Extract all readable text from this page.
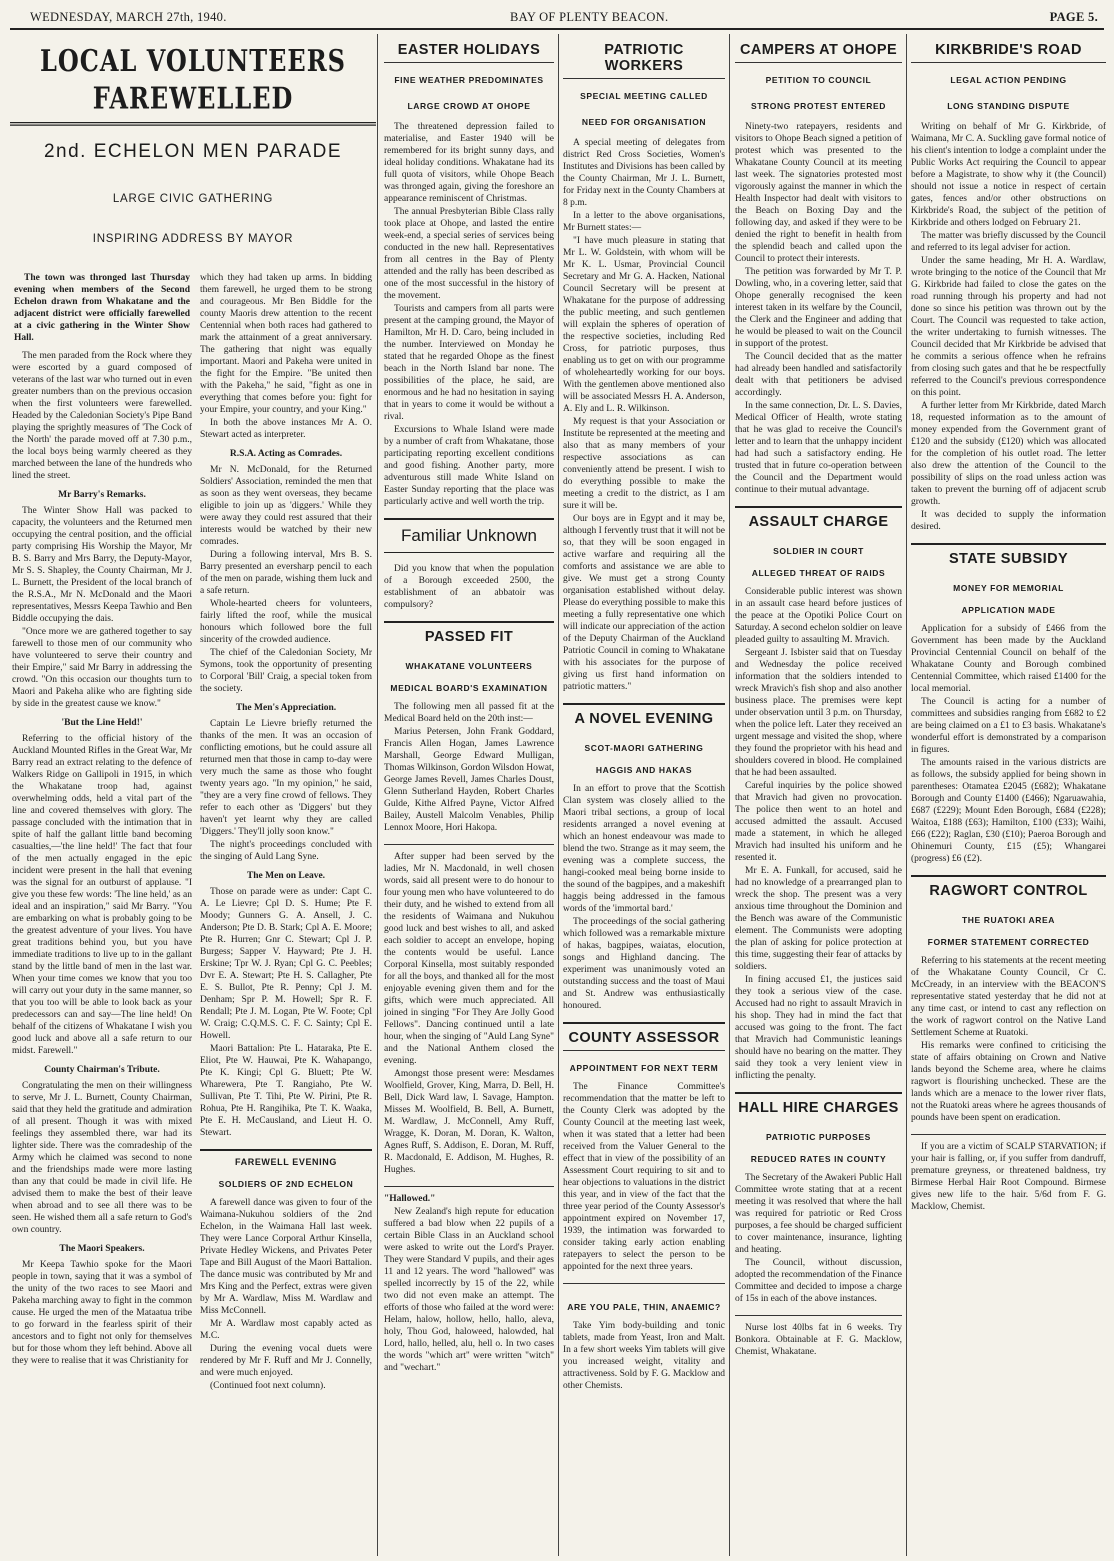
WEDNESDAY, MARCH 27th, 1940.	BAY OF PLENTY BEACON.	PAGE 5.
LOCAL VOLUNTEERS FAREWELLED
2nd. ECHELON MEN PARADE
LARGE CIVIC GATHERING
INSPIRING ADDRESS BY MAYOR
The town was thronged last Thursday evening when members of the Second Echelon drawn from Whakatane and the adjacent district were officially farewelled at a civic gathering in the Winter Show Hall.

The men paraded from the Rock where they were escorted by a guard composed of veterans of the last war who turned out in even greater numbers than on the previous occasion when the first volunteers were farewelled. Headed by the Caledonian Society's Pipe Band playing the sprightly measures of 'The Cock of the North' the parade moved off at 7.30 p.m., the local boys being warmly cheered as they marched between the lane of the hundreds who lined the street.

Mr Barry's Remarks.

The Winter Show Hall was packed to capacity, the volunteers and the Returned men occupying the central position, and the official party comprising His Worship the Mayor, Mr B. S. Barry and Mrs Barry, the Deputy-Mayor, Mr S. S. Shapley, the County Chairman, Mr J. L. Burnett, the President of the local branch of the R.S.A., Mr N. McDonald and the Maori representatives, Messrs Keepa Tawhio and Ben Biddle occupying the dais.

"Once more we are gathered together to say farewell to those men of our community who have volunteered to serve their country and their Empire," said Mr Barry in addressing the crowd. "On this occasion our thoughts turn to Maori and Pakeha alike who are fighting side by side in the greatest cause we know."

'But the Line Held!'

Referring to the official history of the Auckland Mounted Rifles in the Great War, Mr Barry read an extract relating to the defence of Walkers Ridge on Gallipoli in 1915, in which the Whakatane troop had, against overwhelming odds, held a vital part of the line and covered themselves with glory. The passage concluded with the intimation that in spite of half the gallant little band becoming casualties,—'the line held!' The fact that four of the men actually engaged in the epic incident were present in the hall that evening was the signal for an outburst of applause. "I give you these few words: 'The line held,' as an ideal and an inspiration," said Mr Barry. "You are embarking on what is probably going to be the greatest adventure of your lives. You have great traditions behind you, but you have immediate traditions to live up to in the gallant stand by the little band of men in the last war. When your time comes we know that you too will carry out your duty in the same manner, so that you too will be able to look back as your predecessors can and say—The line held! On behalf of the citizens of Whakatane I wish you good luck and above all a safe return to our midst. Farewell."

County Chairman's Tribute.

Congratulating the men on their willingness to serve, Mr J. L. Burnett, County Chairman, said that they held the gratitude and admiration of all present. Though it was with mixed feelings they assembled there, war had its lighter side. There was the comradeship of the Army which he claimed was second to none and the friendships made were more lasting than any that could be made in civil life. He advised them to make the best of their leave when abroad and to see all there was to be seen. He wished them all a safe return to God's own country.

The Maori Speakers.

Mr Keepa Tawhio spoke for the Maori people in town, saying that it was a symbol of the unity of the two races to see Maori and Pakeha marching away to fight in the common cause. He urged the men of the Mataatua tribe to go forward in the fearless spirit of their ancestors and to fight not only for themselves but for those whom they left behind. Above all they were to realise that it was Christianity for

which they had taken up arms. In bidding them farewell, he urged them to be strong and courageous. Mr Ben Biddle for the county Maoris drew attention to the recent Centennial when both races had gathered to mark the attainment of a great anniversary. The gathering that night was equally important. Maori and Pakeha were united in the fight for the Empire. "Be united then with the Pakeha," he said, "fight as one in everything that comes before you: fight for your Empire, your country, and your King."

In both the above instances Mr A. O. Stewart acted as interpreter.

R.S.A. Acting as Comrades.

Mr N. McDonald, for the Returned Soldiers' Association, reminded the men that as soon as they went overseas, they became eligible to join up as 'diggers.' While they were away they could rest assured that their interests would be watched by their new comrades.

During a following interval, Mrs B. S. Barry presented an eversharp pencil to each of the men on parade, wishing them luck and a safe return.

Whole-hearted cheers for volunteers, fairly lifted the roof, while the musical honours which followed bore the full sincerity of the crowded audience.

The chief of the Caledonian Society, Mr Symons, took the opportunity of presenting to Corporal 'Bill' Craig, a special token from the society.

The Men's Appreciation.

Captain Le Lievre briefly returned the thanks of the men. It was an occasion of conflicting emotions, but he could assure all returned men that those in camp to-day were very much the same as those who fought twenty years ago. "In my opinion," he said, "they are a very fine crowd of fellows. They refer to each other as 'Diggers' but they haven't yet learnt why they are called 'Diggers.' They'll jolly soon know."

The night's proceedings concluded with the singing of Auld Lang Syne.

The Men on Leave.

Those on parade were as under: Capt C. A. Le Lievre; Cpl D. S. Hume; Pte F. Moody; Gunners G. A. Ansell, J. C. Anderson; Pte D. B. Stark; Cpl A. E. Moore; Pte R. Hurren; Gnr C. Stewart; Cpl J. P. Burgess; Sapper V. Hayward; Pte J. H. Erskine; Tpr W. J. Ryan; Cpl G. C. Peebles; Dvr E. A. Stewart; Pte H. S. Callagher, Pte E. S. Bullot, Pte R. Penny; Cpl J. M. Denham; Spr P. M. Howell; Spr R. F. Rendall; Pte J. M. Logan, Pte W. Foote; Cpl W. Craig; C.Q.M.S. C. F. C. Sainty; Cpl E. Howell.

Maori Battalion: Pte L. Hataraka, Pte E. Eliot, Pte W. Hauwai, Pte K. Wahapango, Pte K. Kingi; Cpl G. Bluett; Pte W. Wharewera, Pte T. Rangiaho, Pte W. Sullivan, Pte T. Tihi, Pte W. Pirini, Pte R. Rohua, Pte H. Rangihika, Pte T. K. Waaka, Pte E. H. McCausland, and Lieut H. O. Stewart.

FAREWELL EVENING
SOLDIERS OF 2ND ECHELON

A farewell dance was given to four of the Waimana-Nukuhou soldiers of the 2nd Echelon, in the Waimana Hall last week. They were Lance Corporal Arthur Kinsella, Private Hedley Wickens, and Privates Peter Tape and Bill August of the Maori Battalion. The dance music was contributed by Mr and Mrs King and the Perfect, extras were given by Mr A. Wardlaw, Miss M. Wardlaw and Miss McConnell.

Mr A. Wardlaw most capably acted as M.C.

During the evening vocal duets were rendered by Mr F. Ruff and Mr J. Connelly, and were much enjoyed.

(Continued foot next column).

EASTER HOLIDAYS
FINE WEATHER PREDOMINATES
LARGE CROWD AT OHOPE

The threatened depression failed to materialise, and Easter 1940 will be remembered for its bright sunny days, and ideal holiday conditions. Whakatane had its full quota of visitors, while Ohope Beach was thronged again, giving the foreshore an appearance reminiscent of Christmas.

The annual Presbyterian Bible Class rally took place at Ohope, and lasted the entire week-end, a special series of services being conducted in the new hall. Representatives from all centres in the Bay of Plenty attended and the rally has been described as one of the most successful in the history of the movement.

Tourists and campers from all parts were present at the camping ground, the Mayor of Hamilton, Mr H. D. Caro, being included in the number. Interviewed on Monday he stated that he regarded Ohope as the finest beach in the North Island bar none. The possibilities of the place, he said, are enormous and he had no hesitation in saying that in years to come it would be without a rival.

Excursions to Whale Island were made by a number of craft from Whakatane, those participating reporting excellent conditions and good fishing. Another party, more adventurous still made White Island on Easter Sunday reporting that the place was particularly active and well worth the trip.

Familiar Unknown

Did you know that when the population of a Borough exceeded 2500, the establishment of an abbatoir was compulsory?

PASSED FIT
WHAKATANE VOLUNTEERS
MEDICAL BOARD'S EXAMINATION

The following men all passed fit at the Medical Board held on the 20th inst:—

Marius Petersen, John Frank Goddard, Francis Allen Hogan, James Lawrence Marshall, George Edward Mulligan, Thomas Wilkinson, Gordon Wilsdon Howat, George James Revell, James Charles Doust, Glenn Sutherland Hayden, Robert Charles Gulde, Kithe Alfred Payne, Victor Alfred Bailey, Austell Malcolm Venables, Philip Lennox Moore, Hori Hakopa.

After supper had been served by the ladies, Mr N. Macdonald, in well chosen words, said all present were to do honour to four young men who have volunteered to do their duty, and he wished to extend from all the residents of Waimana and Nukuhou good luck and best wishes to all, and asked each soldier to accept an envelope, hoping the contents would be useful. Lance Corporal Kinsella, most suitably responded for all the boys, and thanked all for the most enjoyable evening given them and for the gifts, which were much appreciated. All joined in singing "For They Are Jolly Good Fellows". Dancing continued until a late hour, when the singing of "Auld Lang Syne" and the National Anthem closed the evening.

Amongst those present were: Mesdames Woolfield, Grover, King, Marra, D. Bell, H. Bell, Dick Ward law, I. Savage, Hampton. Misses M. Woolfield, B. Bell, A. Burnett, M. Wardlaw, J. McConnell, Amy Ruff, Wragge, K. Doran, M. Doran, K. Walton, Agnes Ruff, S. Addison, E. Doran, M. Ruff, R. Macdonald, E. Addison, M. Hughes, R. Hughes.

"Hallowed."

New Zealand's high repute for education suffered a bad blow when 22 pupils of a certain Bible Class in an Auckland school were asked to write out the Lord's Prayer. They were Standard V pupils, and their ages 11 and 12 years. The word "hallowed" was spelled incorrectly by 15 of the 22, while two did not even make an attempt. The efforts of those who failed at the word were: Helam, halow, hollow, hello, hallo, aleva, holy, Thou God, haloweed, halowded, hal Lord, hallo, helled, alu, hell o. In two cases the words "which art" were written "witch" and "wechart."

PATRIOTIC WORKERS
SPECIAL MEETING CALLED
NEED FOR ORGANISATION

A special meeting of delegates from district Red Cross Societies, Women's Institutes and Divisions has been called by the County Chairman, Mr J. L. Burnett, for Friday next in the County Chambers at 8 p.m.

In a letter to the above organisations, Mr Burnett states:—

"I have much pleasure in stating that Mr L. W. Goldstein, with whom will be Mr K. L. Usmar, Provincial Council Secretary and Mr G. A. Hacken, National Council Secretary will be present at Whakatane for the purpose of addressing the public meeting, and such gentlemen will explain the spheres of operation of the respective societies, including Red Cross, for patriotic purposes, thus enabling us to get on with our programme of wholeheartedly working for our boys. With the gentlemen above mentioned also will be associated Messrs H. A. Anderson, A. Ely and L. R. Wilkinson.

My request is that your Association or Institute be represented at the meeting and also that as many members of your respective associations as can conveniently attend be present. I wish to do everything possible to make the meeting a credit to the district, as I am sure it will be.

Our boys are in Egypt and it may be, although I fervently trust that it will not be so, that they will be soon engaged in active warfare and requiring all the comforts and assistance we are able to give. We must get a strong County organisation established without delay. Please do everything possible to make this meeting a fully representative one which will indicate our appreciation of the action of the Deputy Chairman of the Auckland Patriotic Council in coming to Whakatane with his associates for the purpose of giving us first hand information on patriotic matters."

A NOVEL EVENING
SCOT-MAORI GATHERING
HAGGIS AND HAKAS

In an effort to prove that the Scottish Clan system was closely allied to the Maori tribal sections, a group of local residents arranged a novel evening at which an honest endeavour was made to blend the two. Strange as it may seem, the evening was a complete success, the hangi-cooked meal being borne inside to the sound of the bagpipes, and a makeshift haggis being addressed in the famous words of the 'immortal bard.'

The proceedings of the social gathering which followed was a remarkable mixture of hakas, bagpipes, waiatas, elocution, songs and Highland dancing. The experiment was unanimously voted an outstanding success and the toast of Maui and St. Andrew was enthusiastically honoured.

COUNTY ASSESSOR
APPOINTMENT FOR NEXT TERM

The Finance Committee's recommendation that the matter be left to the County Clerk was adopted by the County Council at the meeting last week, when it was stated that a letter had been received from the Valuer General to the effect that in view of the possibility of an Assessment Court requiring to sit and to hear objections to valuations in the district this year, and in view of the fact that the three year period of the County Assessor's appointment expired on November 17, 1939, the intimation was forwarded to consider taking early action enabling ratepayers to select the person to be appointed for the next three years.

ARE YOU PALE, THIN, ANAEMIC?

Take Yim body-building and tonic tablets, made from Yeast, Iron and Malt. In a few short weeks Yim tablets will give you increased weight, vitality and attractiveness. Sold by F. G. Macklow and other Chemists.

CAMPERS AT OHOPE
PETITION TO COUNCIL
STRONG PROTEST ENTERED

Ninety-two ratepayers, residents and visitors to Ohope Beach signed a petition of protest which was presented to the Whakatane County Council at its meeting last week. The signatories protested most vigorously against the manner in which the Health Inspector had dealt with visitors to the Beach on Boxing Day and the following day, and asked if they were to be denied the right to benefit in health from the splendid beach and called upon the Council to protect their interests.

The petition was forwarded by Mr T. P. Dowling, who, in a covering letter, said that Ohope generally recognised the keen interest taken in its welfare by the Council, the Clerk and the Engineer and adding that he would be pleased to wait on the Council in support of the protest.

The Council decided that as the matter had already been handled and satisfactorily dealt with that petitioners be advised accordingly.

In the same connection, Dr. L. S. Davies, Medical Officer of Health, wrote stating that he was glad to receive the Council's letter and to learn that the unhappy incident had had such a satisfactory ending. He trusted that in future co-operation between the Council and the Department would continue to their mutual advantage.

ASSAULT CHARGE
SOLDIER IN COURT
ALLEGED THREAT OF RAIDS

Considerable public interest was shown in an assault case heard before justices of the peace at the Opotiki Police Court on Saturday. A second echelon soldier on leave pleaded guilty to assaulting M. Mravich.

Sergeant J. Isbister said that on Tuesday and Wednesday the police received information that the soldiers intended to wreck Mravich's fish shop and also another business place. The premises were kept under observation until 3 p.m. on Thursday, when the police left. Later they received an urgent message and visited the shop, where they found the proprietor with his head and shoulders covered in blood. He complained that he had been assaulted.

Careful inquiries by the police showed that Mravich had given no provocation. The police then went to an hotel and accused admitted the assault. Accused made a statement, in which he alleged Mravich had insulted his uniform and he resented it.

Mr E. A. Funkall, for accused, said he had no knowledge of a prearranged plan to wreck the shop. The present was a very anxious time throughout the Dominion and the Bench was aware of the Communistic element. The Communists were adopting the plan of asking for police protection at this time, suggesting their fear of attacks by soldiers.

In fining accused £1, the justices said they took a serious view of the case. Accused had no right to assault Mravich in his shop. They had in mind the fact that accused was going to the front. The fact that Mravich had Communistic leanings should have no bearing on the matter. They said they took a very lenient view in inflicting the penalty.

HALL HIRE CHARGES
PATRIOTIC PURPOSES
REDUCED RATES IN COUNTY

The Secretary of the Awakeri Public Hall Committee wrote stating that at a recent meeting it was resolved that where the hall was required for patriotic or Red Cross purposes, a fee should be charged sufficient to cover maintenance, insurance, lighting and heating.

The Council, without discussion, adopted the recommendation of the Finance Committee and decided to impose a charge of 15s in each of the above instances.

Nurse lost 40lbs fat in 6 weeks. Try Bonkora. Obtainable at F. G. Macklow, Chemist, Whakatane.

KIRKBRIDE'S ROAD
LEGAL ACTION PENDING
LONG STANDING DISPUTE

Writing on behalf of Mr G. Kirkbride, of Waimana, Mr C. A. Suckling gave formal notice of his client's intention to lodge a complaint under the Public Works Act requiring the Council to appear before a Magistrate, to show why it (the Council) should not issue a notice in respect of certain gates, fences and/or other obstructions on Kirkbride's Road, the subject of the petition of Kirkbride and others lodged on February 21.

The matter was briefly discussed by the Council and referred to its legal adviser for action.

Under the same heading, Mr H. A. Wardlaw, wrote bringing to the notice of the Council that Mr G. Kirkbride had failed to close the gates on the road running through his property and had not done so since his petition was thrown out by the Court. The Council was requested to take action, the writer undertaking to furnish witnesses. The Council decided that Mr Kirkbride be advised that he commits a serious offence when he refrains from closing such gates and that he be respectfully referred to the Council's previous correspondence on this point.

A further letter from Mr Kirkbride, dated March 18, requested information as to the amount of money expended from the Government grant of £120 and the subsidy (£120) which was allocated for the completion of his outlet road. The letter also drew the attention of the Council to the possibility of slips on the road unless action was taken to prevent the burning off of adjacent scrub growth.

It was decided to supply the information desired.

STATE SUBSIDY
MONEY FOR MEMORIAL
APPLICATION MADE

Application for a subsidy of £466 from the Government has been made by the Auckland Provincial Centennial Council on behalf of the Whakatane County and Borough combined Centennial Committee, which raised £1400 for the local memorial.

The Council is acting for a number of committees and subsidies ranging from £682 to £2 are being claimed on a £1 to £3 basis. Whakatane's wonderful effort is demonstrated by a comparison in figures.

The amounts raised in the various districts are as follows, the subsidy applied for being shown in parentheses: Otamatea £2045 (£682); Whakatane Borough and County £1400 (£466); Ngaruawahia, £687 (£229); Mount Eden Borough, £684 (£228); Waitoa, £188 (£63); Hamilton, £100 (£33); Waihi, £66 (£22); Raglan, £30 (£10); Paeroa Borough and Ohinemuri County, £15 (£5); Whangarei (progress) £6 (£2).

RAGWORT CONTROL
THE RUATOKI AREA
FORMER STATEMENT CORRECTED

Referring to his statements at the recent meeting of the Whakatane County Council, Cr C. McCready, in an interview with the BEACON'S representative stated yesterday that he did not at any time cast, or intend to cast any reflection on the work of ragwort control on the Native Land Settlement Scheme at Ruatoki.

His remarks were confined to criticising the state of affairs obtaining on Crown and Native lands beyond the Scheme area, where he claims ragwort is flourishing unchecked. These are the lands which are a menace to the lower river flats, not the Ruatoki areas where he agrees thousands of pounds have been spent on eradication.

If you are a victim of SCALP STARVATION; if your hair is falling, or, if you suffer from dandruff, premature greyness, or threatened baldness, try Birmese Herbal Hair Root Compound. Birmese gives new life to the hair. 5/6d from F. G. Macklow, Chemist.
